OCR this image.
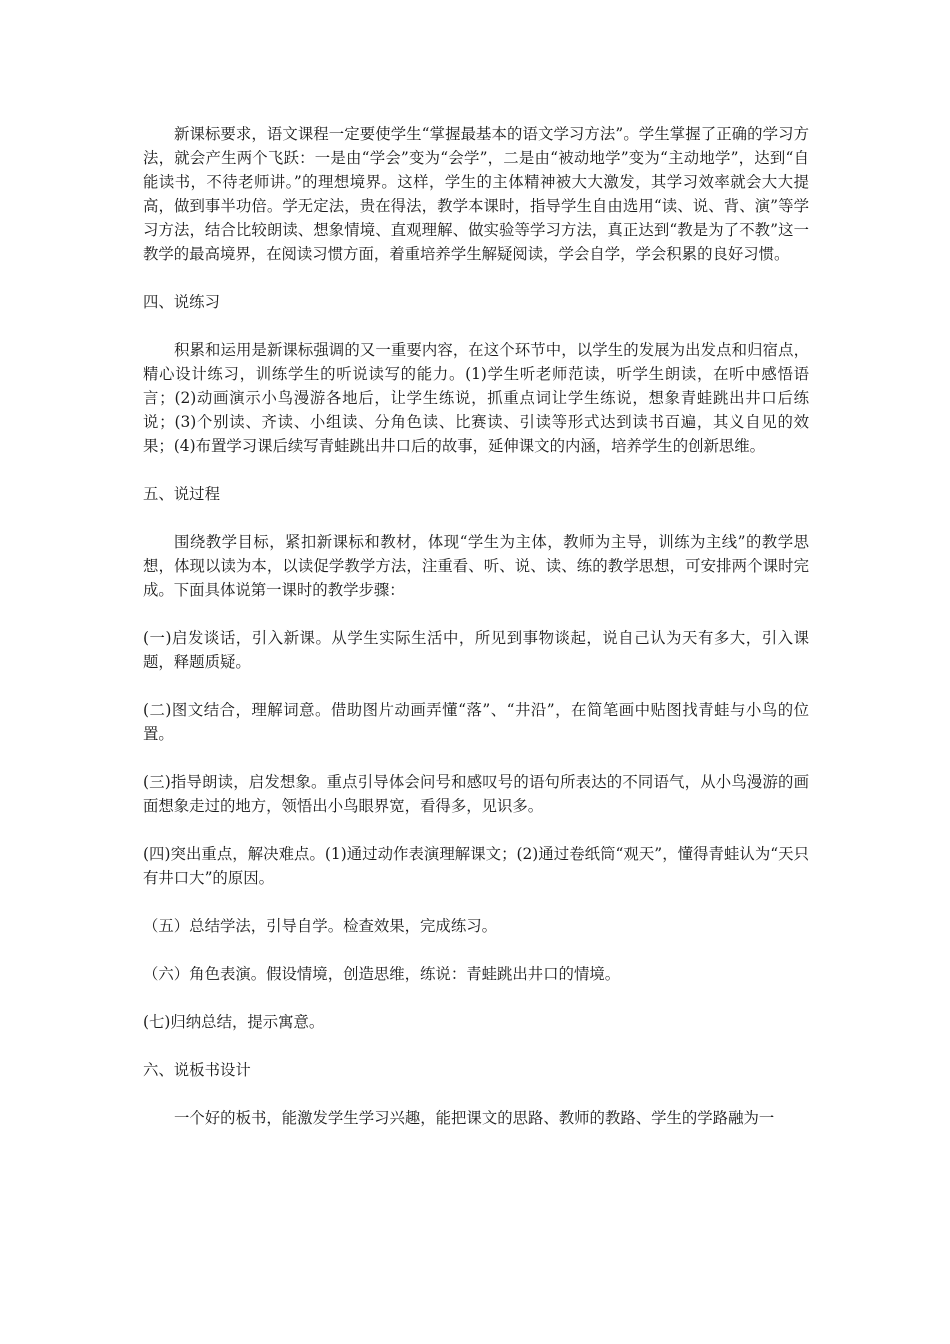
新课标要求，语文课程一定要使学生“掌握最基本的语文学习方法”。学生掌握了正确的学习方法，就会产生两个飞跃：一是由“学会”变为“会学”，二是由“被动地学”变为“主动地学”，达到“自能读书，不待老师讲。”的理想境界。这样，学生的主体精神被大大激发，其学习效率就会大大提高，做到事半功倍。学无定法，贵在得法，教学本课时，指导学生自由选用“读、说、背、演”等学习方法，结合比较朗读、想象情境、直观理解、做实验等学习方法，真正达到“教是为了不教”这一教学的最高境界，在阅读习惯方面，着重培养学生解疑阅读，学会自学，学会积累的良好习惯。

四、说练习

积累和运用是新课标强调的又一重要内容，在这个环节中，以学生的发展为出发点和归宿点，精心设计练习，训练学生的听说读写的能力。(1)学生听老师范读，听学生朗读，在听中感悟语言；(2)动画演示小鸟漫游各地后，让学生练说，抓重点词让学生练说，想象青蛙跳出井口后练说；(3)个别读、齐读、小组读、分角色读、比赛读、引读等形式达到读书百遍，其义自见的效果；(4)布置学习课后续写青蛙跳出井口后的故事，延伸课文的内涵，培养学生的创新思维。

五、说过程

围绕教学目标，紧扣新课标和教材，体现“学生为主体，教师为主导，训练为主线”的教学思想，体现以读为本，以读促学教学方法，注重看、听、说、读、练的教学思想，可安排两个课时完成。下面具体说第一课时的教学步骤：

(一)启发谈话，引入新课。从学生实际生活中，所见到事物谈起，说自己认为天有多大，引入课题，释题质疑。

(二)图文结合，理解词意。借助图片动画弄懂“落”、“井沿”，在简笔画中贴图找青蛙与小鸟的位置。

(三)指导朗读，启发想象。重点引导体会问号和感叹号的语句所表达的不同语气，从小鸟漫游的画面想象走过的地方，领悟出小鸟眼界宽，看得多，见识多。

(四)突出重点，解决难点。(1)通过动作表演理解课文；(2)通过卷纸筒“观天”，懂得青蛙认为“天只有井口大”的原因。

（五）总结学法，引导自学。检查效果，完成练习。

（六）角色表演。假设情境，创造思维，练说：青蛙跳出井口的情境。

(七)归纳总结，提示寓意。

六、说板书设计

一个好的板书，能激发学生学习兴趣，能把课文的思路、教师的教路、学生的学路融为一
